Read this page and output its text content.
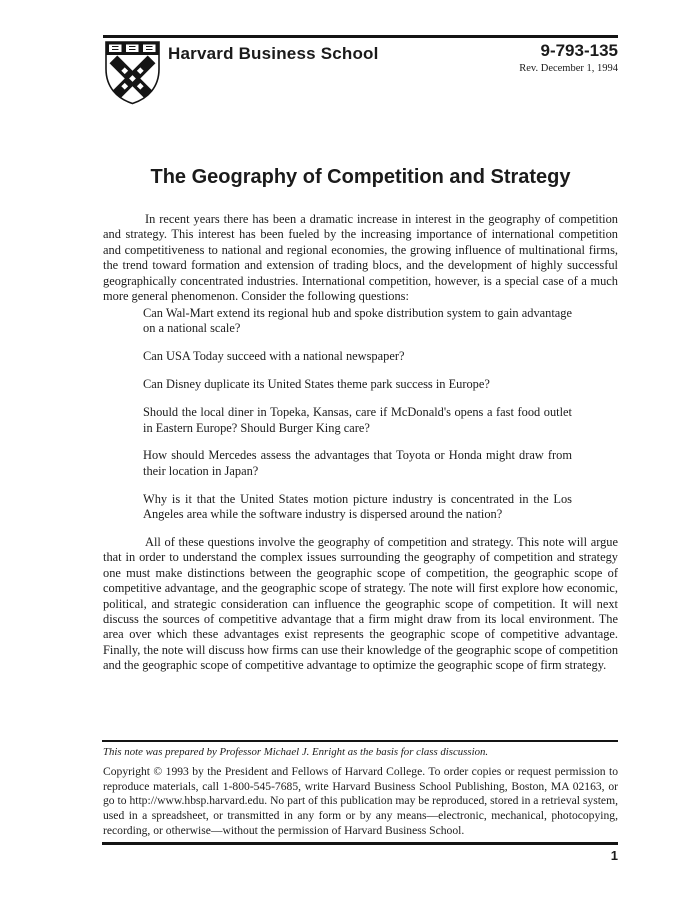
Harvard Business School	9-793-135
Rev. December 1, 1994
The Geography of Competition and Strategy
In recent years there has been a dramatic increase in interest in the geography of competition and strategy. This interest has been fueled by the increasing importance of international competition and competitiveness to national and regional economies, the growing influence of multinational firms, the trend toward formation and extension of trading blocs, and the development of highly successful geographically concentrated industries. International competition, however, is a special case of a much more general phenomenon. Consider the following questions:
Can Wal-Mart extend its regional hub and spoke distribution system to gain advantage on a national scale?
Can USA Today succeed with a national newspaper?
Can Disney duplicate its United States theme park success in Europe?
Should the local diner in Topeka, Kansas, care if McDonald's opens a fast food outlet in Eastern Europe? Should Burger King care?
How should Mercedes assess the advantages that Toyota or Honda might draw from their location in Japan?
Why is it that the United States motion picture industry is concentrated in the Los Angeles area while the software industry is dispersed around the nation?
All of these questions involve the geography of competition and strategy. This note will argue that in order to understand the complex issues surrounding the geography of competition and strategy one must make distinctions between the geographic scope of competition, the geographic scope of competitive advantage, and the geographic scope of strategy. The note will first explore how economic, political, and strategic consideration can influence the geographic scope of competition. It will next discuss the sources of competitive advantage that a firm might draw from its local environment. The area over which these advantages exist represents the geographic scope of competitive advantage. Finally, the note will discuss how firms can use their knowledge of the geographic scope of competition and the geographic scope of competitive advantage to optimize the geographic scope of firm strategy.
This note was prepared by Professor Michael J. Enright as the basis for class discussion.
Copyright © 1993 by the President and Fellows of Harvard College. To order copies or request permission to reproduce materials, call 1-800-545-7685, write Harvard Business School Publishing, Boston, MA 02163, or go to http://www.hbsp.harvard.edu. No part of this publication may be reproduced, stored in a retrieval system, used in a spreadsheet, or transmitted in any form or by any means—electronic, mechanical, photocopying, recording, or otherwise—without the permission of Harvard Business School.
1
